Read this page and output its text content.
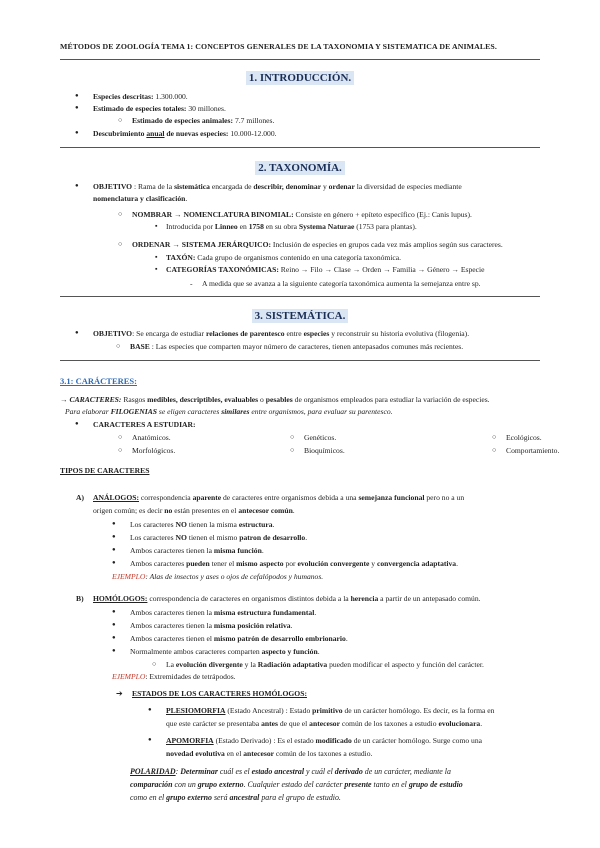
MÉTODOS DE ZOOLOGÍA TEMA 1: CONCEPTOS GENERALES DE LA TAXONOMIA Y SISTEMATICA DE ANIMALES.
1. INTRODUCCIÓN.
● Especies descritas: 1.300.000.
● Estimado de especies totales: 30 millones.
○ Estimado de especies animales: 7.7 millones.
● Descubrimiento anual de nuevas especies: 10.000-12.000.
2. TAXONOMÍA.
● OBJETIVO : Rama de la sistemática encargada de describir, denominar y ordenar la diversidad de especies mediante
nomenclatura y clasificación.
○ NOMBRAR → NOMENCLATURA BINOMIAL: Consiste en género + epíteto específico (Ej.: Canis lupus).
▪ Introducida por Linneo en 1758 en su obra Systema Naturae (1753 para plantas).
○ ORDENAR → SISTEMA JERÁRQUICO: Inclusión de especies en grupos cada vez más amplios según sus caracteres.
▪ TAXÓN: Cada grupo de organismos contenido en una categoría taxonómica.
▪ CATEGORÍAS TAXONÓMICAS: Reino → Filo → Clase → Orden → Familia → Género → Especie
- A medida que se avanza a la siguiente categoría taxonómica aumenta la semejanza entre sp.
3. SISTEMÁTICA.
● OBJETIVO: Se encarga de estudiar relaciones de parentesco entre especies y reconstruir su historia evolutiva (filogenia).
○ BASE : Las especies que comparten mayor número de caracteres, tienen antepasados comunes más recientes.
3.1: CARÁCTERES:
→ CARACTERES: Rasgos medibles, descriptibles, evaluables o pesables de organismos empleados para estudiar la variación de especies.
Para elaborar FILOGENIAS se eligen caracteres similares entre organismos, para evaluar su parentesco.
● CARACTERES A ESTUDIAR:
○ Anatómicos.	○ Genéticos.	○ Ecológicos.
○ Morfológicos.	○ Bioquímicos.	○ Comportamiento.
TIPOS DE CARACTERES
A) ANÁLOGOS: correspondencia aparente de caracteres entre organismos debida a una semejanza funcional pero no a un
origen común; es decir no están presentes en el antecesor común.
● Los caracteres NO tienen la misma estructura.
● Los caracteres NO tienen el mismo patron de desarrollo.
● Ambos caracteres tienen la misma función.
● Ambos caracteres pueden tener el mismo aspecto por evolución convergente y convergencia adaptativa.
EJEMPLO: Alas de insectos y ases o ojos de cefalópodos y humanos.
B) HOMÓLOGOS: correspondencia de caracteres en organismos distintos debida a la herencia a partir de un antepasado común.
● Ambos caracteres tienen la misma estructura fundamental.
● Ambos caracteres tienen la misma posición relativa.
● Ambos caracteres tienen el mismo patrón de desarrollo embrionario.
● Normalmente ambos caracteres comparten aspecto y función.
○ La evolución divergente y la Radiación adaptativa pueden modificar el aspecto y función del carácter.
EJEMPLO: Extremidades de tetrápodos.
➔ ESTADOS DE LOS CARACTERES HOMÓLOGOS:
● PLESIOMORFIA (Estado Ancestral) : Estado primitivo de un carácter homólogo. Es decir, es la forma en
que este carácter se presentaba antes de que el antecesor común de los taxones a estudio evolucionara.
● APOMORFIA (Estado Derivado) : Es el estado modificado de un carácter homólogo. Surge como una
novedad evolutiva en el antecesor común de los taxones a estudio.
POLARIDAD: Determinar cuál es el estado ancestral y cuál el derivado de un carácter, mediante la
comparación con un grupo externo. Cualquier estado del carácter presente tanto en el grupo de estudio
como en el grupo externo será ancestral para el grupo de estudio.
